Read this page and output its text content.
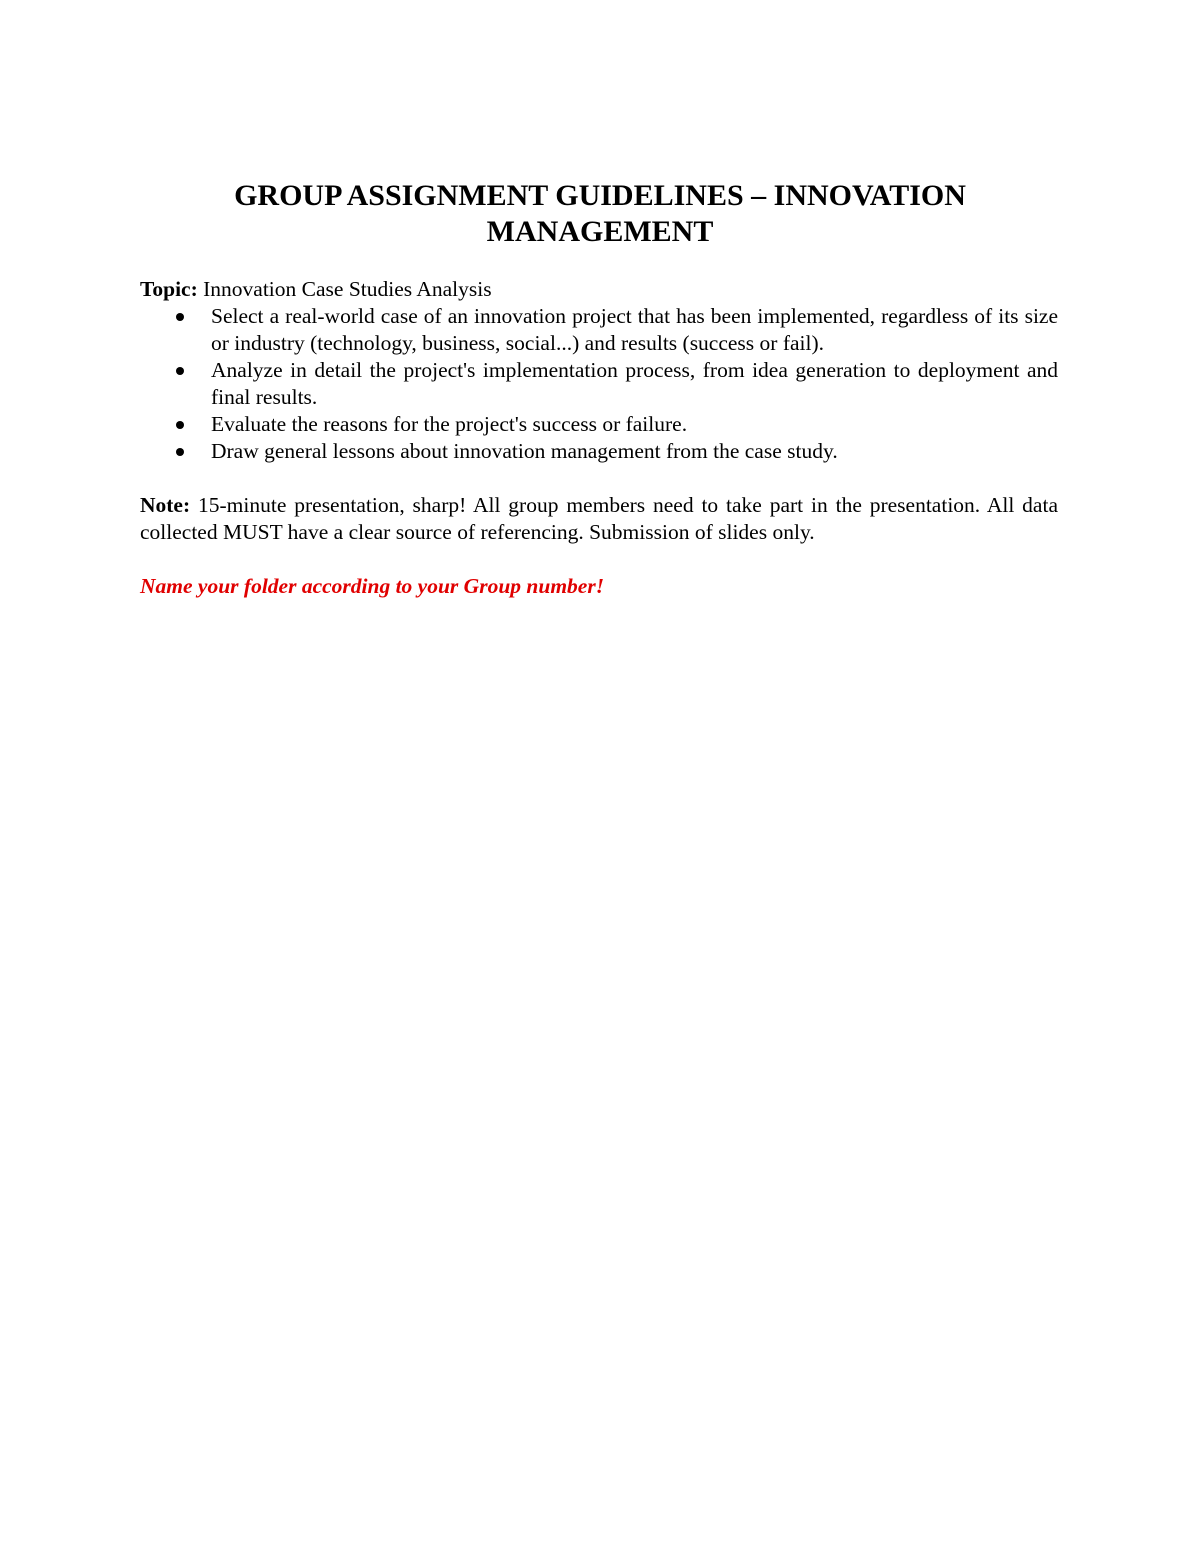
GROUP ASSIGNMENT GUIDELINES – INNOVATION
MANAGEMENT

Topic: Innovation Case Studies Analysis

Select a real-world case of an innovation project that has been implemented, regardless of its size or industry (technology, business, social...) and results (success or fail).
Analyze in detail the project's implementation process, from idea generation to deployment and final results.
Evaluate the reasons for the project's success or failure.
Draw general lessons about innovation management from the case study.

Note: 15-minute presentation, sharp! All group members need to take part in the presentation. All data collected MUST have a clear source of referencing. Submission of slides only.

Name your folder according to your Group number!
